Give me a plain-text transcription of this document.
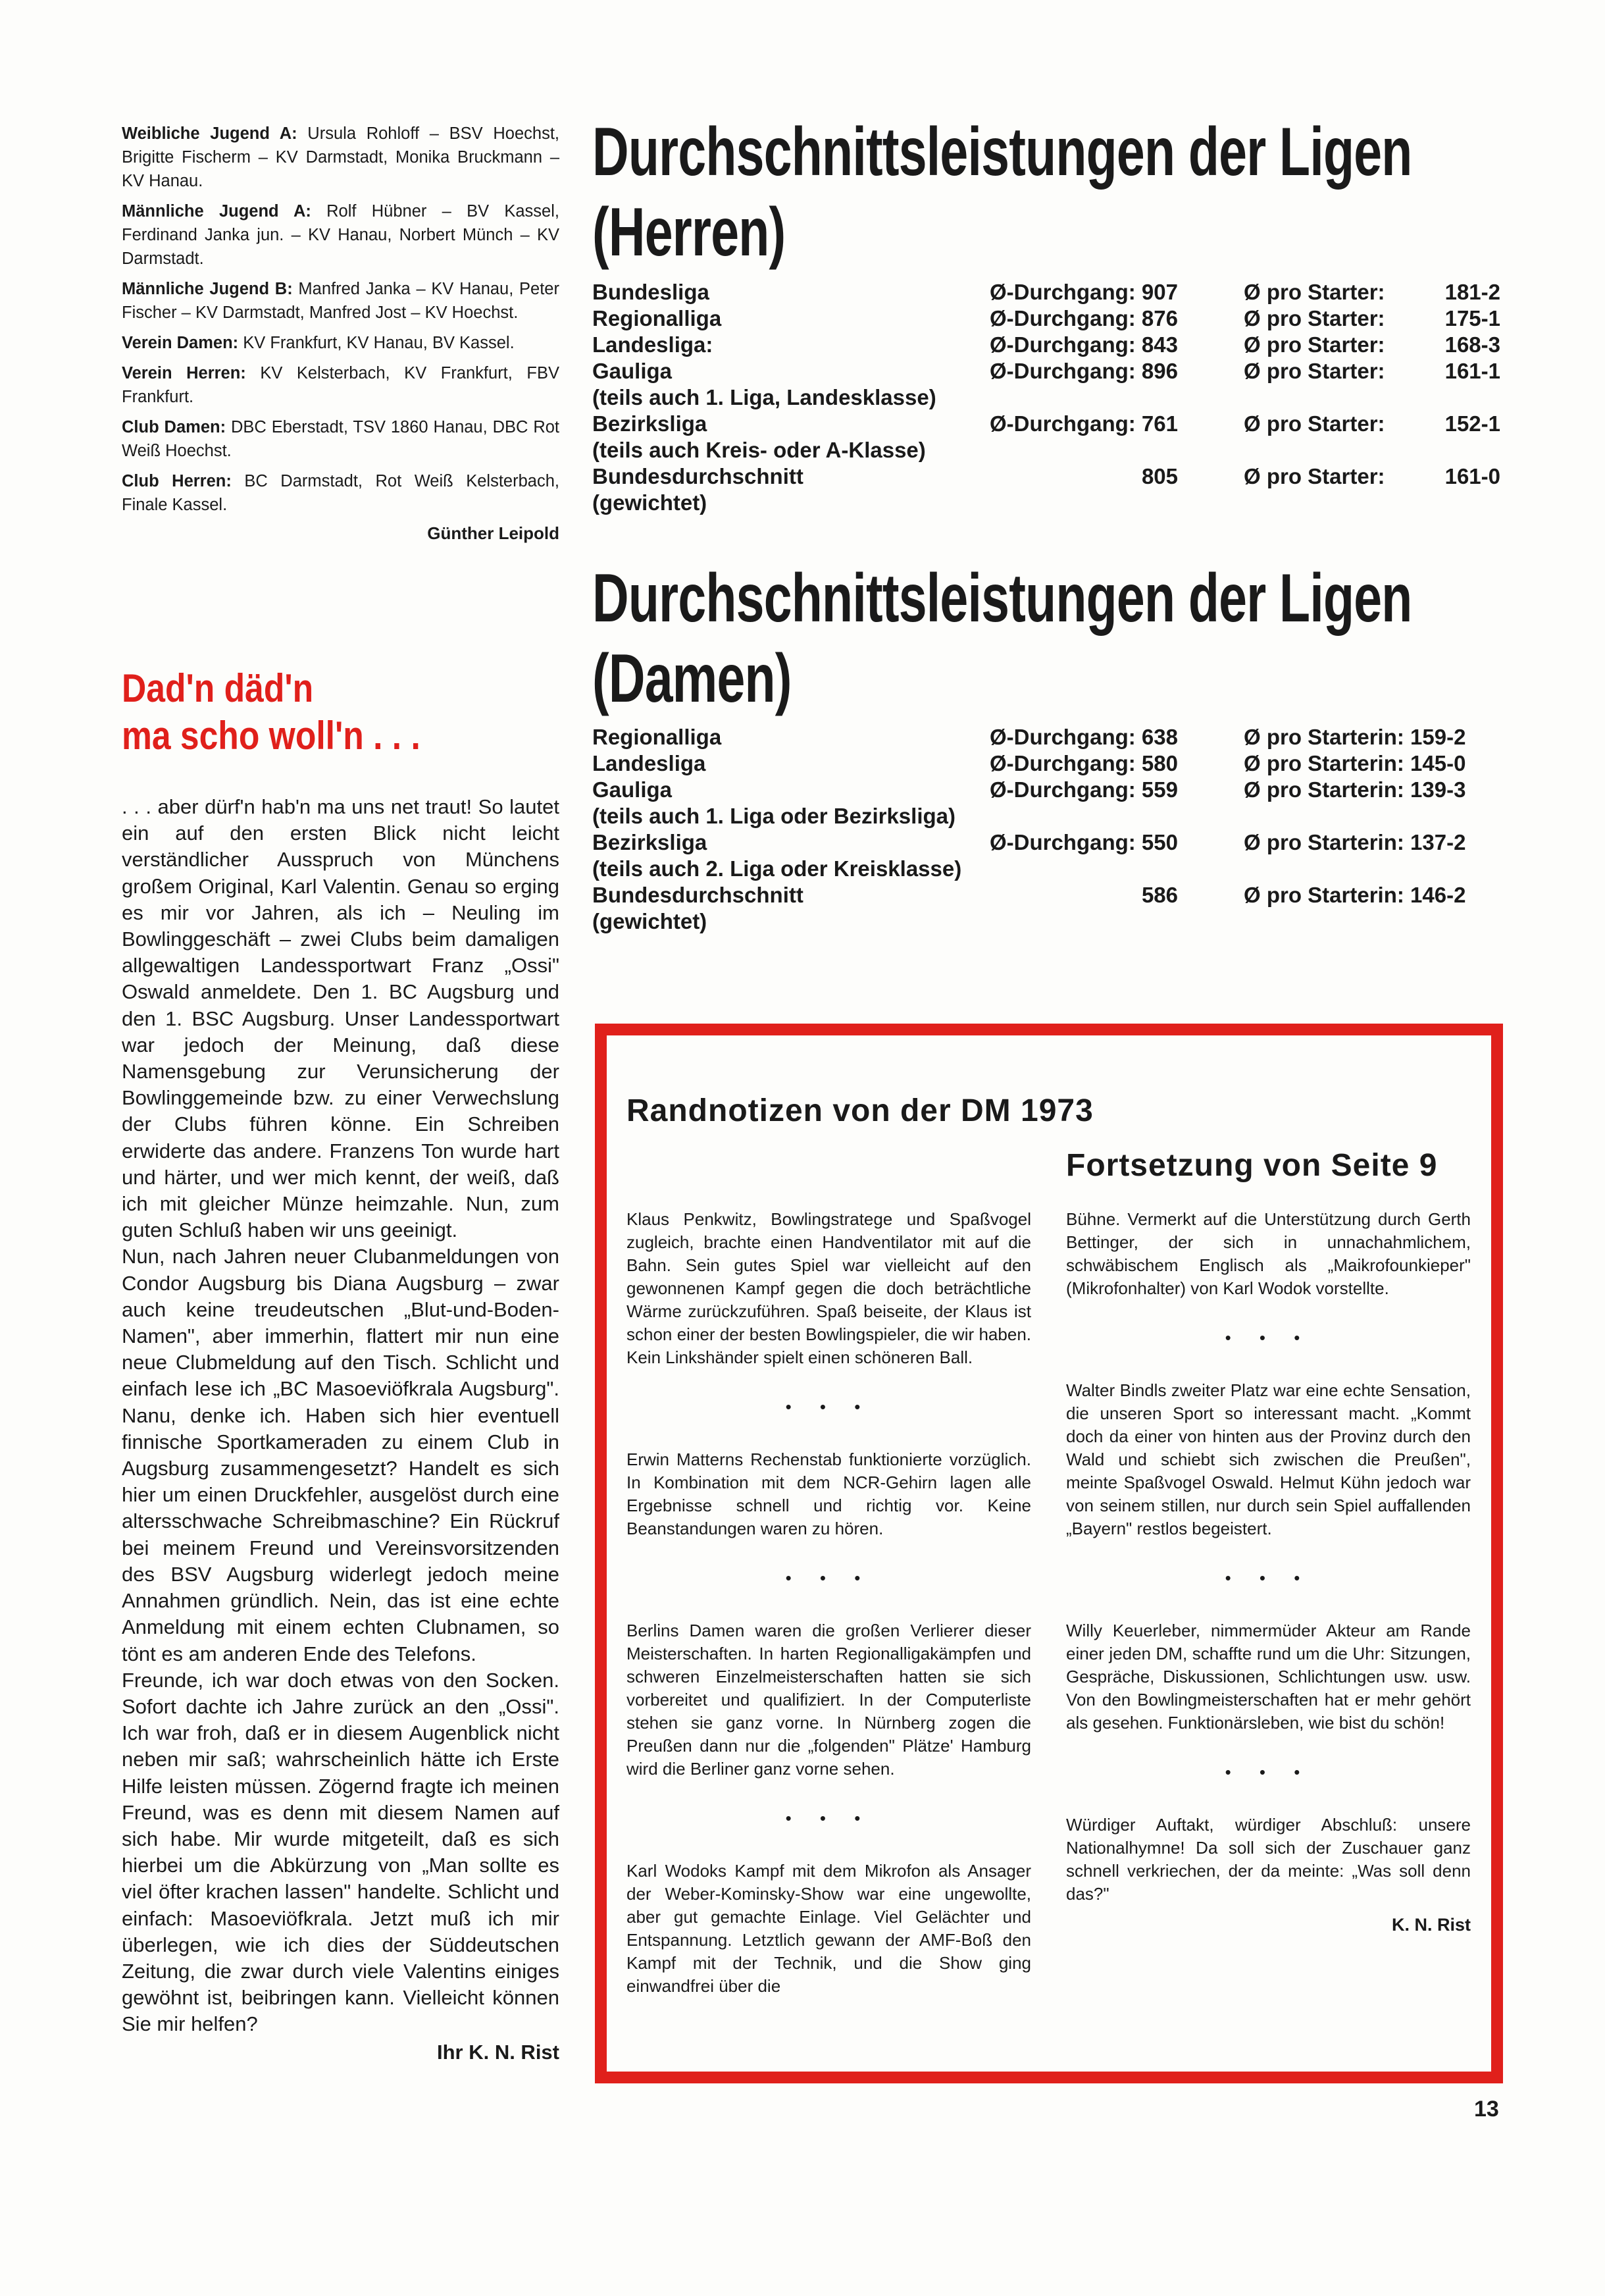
Weibliche Jugend A: Ursula Rohloff – BSV Hoechst, Brigitte Fischerm – KV Darmstadt, Monika Bruckmann – KV Hanau.

Männliche Jugend A: Rolf Hübner – BV Kassel, Ferdinand Janka jun. – KV Hanau, Norbert Münch – KV Darmstadt.

Männliche Jugend B: Manfred Janka – KV Hanau, Peter Fischer – KV Darmstadt, Manfred Jost – KV Hoechst.

Verein Damen: KV Frankfurt, KV Hanau, BV Kassel.

Verein Herren: KV Kelsterbach, KV Frankfurt, FBV Frankfurt.

Club Damen: DBC Eberstadt, TSV 1860 Hanau, DBC Rot Weiß Hoechst.

Club Herren: BC Darmstadt, Rot Weiß Kelsterbach, Finale Kassel.

Günther Leipold

Dad'n däd'n

ma scho woll'n . . .

. . . aber dürf'n hab'n ma uns net traut! So lautet ein auf den ersten Blick nicht leicht verständlicher Ausspruch von Münchens großem Original, Karl Valentin. Genau so erging es mir vor Jahren, als ich – Neuling im Bowlinggeschäft – zwei Clubs beim damaligen allgewaltigen Landessportwart Franz „Ossi" Oswald anmeldete. Den 1. BC Augsburg und den 1. BSC Augsburg. Unser Landessportwart war jedoch der Meinung, daß diese Namensgebung zur Verunsicherung der Bowlinggemeinde bzw. zu einer Verwechslung der Clubs führen könne. Ein Schreiben erwiderte das andere. Franzens Ton wurde hart und härter, und wer mich kennt, der weiß, daß ich mit gleicher Münze heimzahle. Nun, zum guten Schluß haben wir uns geeinigt.

Nun, nach Jahren neuer Clubanmeldungen von Condor Augsburg bis Diana Augsburg – zwar auch keine treudeutschen „Blut-und-Boden-Namen", aber immerhin, flattert mir nun eine neue Clubmeldung auf den Tisch. Schlicht und einfach lese ich „BC Masoeviöfkrala Augsburg". Nanu, denke ich. Haben sich hier eventuell finnische Sportkameraden zu einem Club in Augsburg zusammengesetzt? Handelt es sich hier um einen Druckfehler, ausgelöst durch eine altersschwache Schreibmaschine? Ein Rückruf bei meinem Freund und Vereinsvorsitzenden des BSV Augsburg widerlegt jedoch meine Annahmen gründlich. Nein, das ist eine echte Anmeldung mit einem echten Clubnamen, so tönt es am anderen Ende des Telefons.

Freunde, ich war doch etwas von den Socken. Sofort dachte ich Jahre zurück an den „Ossi". Ich war froh, daß er in diesem Augenblick nicht neben mir saß; wahrscheinlich hätte ich Erste Hilfe leisten müssen. Zögernd fragte ich meinen Freund, was es denn mit diesem Namen auf sich habe. Mir wurde mitgeteilt, daß es sich hierbei um die Abkürzung von „Man sollte es viel öfter krachen lassen" handelte. Schlicht und einfach: Masoeviöfkrala. Jetzt muß ich mir überlegen, wie ich dies der Süddeutschen Zeitung, die zwar durch viele Valentins einiges gewöhnt ist, beibringen kann. Vielleicht können Sie mir helfen?

Ihr K. N. Rist

Durchschnittsleistungen der Ligen

(Herren)

Bundesliga	Ø-Durchgang: 907	Ø pro Starter:	181-2
Regionalliga	Ø-Durchgang: 876	Ø pro Starter:	175-1
Landesliga:	Ø-Durchgang: 843	Ø pro Starter:	168-3
Gauliga
(teils auch 1. Liga, Landesklasse)	Ø-Durchgang: 896	Ø pro Starter:	161-1
Bezirksliga
(teils auch Kreis- oder A-Klasse)	Ø-Durchgang: 761	Ø pro Starter:	152-1
Bundesdurchschnitt
(gewichtet)	805	Ø pro Starter:	161-0

Durchschnittsleistungen der Ligen

(Damen)

Regionalliga	Ø-Durchgang: 638	Ø pro Starterin: 159-2
Landesliga	Ø-Durchgang: 580	Ø pro Starterin: 145-0
Gauliga
(teils auch 1. Liga oder Bezirksliga)	Ø-Durchgang: 559	Ø pro Starterin: 139-3
Bezirksliga
(teils auch 2. Liga oder Kreisklasse)	Ø-Durchgang: 550	Ø pro Starterin: 137-2
Bundesdurchschnitt
(gewichtet)	586	Ø pro Starterin: 146-2

Randnotizen von der DM 1973

Fortsetzung von Seite 9

Klaus Penkwitz, Bowlingstratege und Spaßvogel zugleich, brachte einen Handventilator mit auf die Bahn. Sein gutes Spiel war vielleicht auf den gewonnenen Kampf gegen die doch beträchtliche Wärme zurückzuführen. Spaß beiseite, der Klaus ist schon einer der besten Bowlingspieler, die wir haben. Kein Linkshänder spielt einen schöneren Ball.

• • •

Erwin Matterns Rechenstab funktionierte vorzüglich. In Kombination mit dem NCR-Gehirn lagen alle Ergebnisse schnell und richtig vor. Keine Beanstandungen waren zu hören.

• • •

Berlins Damen waren die großen Verlierer dieser Meisterschaften. In harten Regionalligakämpfen und schweren Einzelmeisterschaften hatten sie sich vorbereitet und qualifiziert. In der Computerliste stehen sie ganz vorne. In Nürnberg zogen die Preußen dann nur die „folgenden" Plätze' Hamburg wird die Berliner ganz vorne sehen.

• • •

Karl Wodoks Kampf mit dem Mikrofon als Ansager der Weber-Kominsky-Show war eine ungewollte, aber gut gemachte Einlage. Viel Gelächter und Entspannung. Letztlich gewann der AMF-Boß den Kampf mit der Technik, und die Show ging einwandfrei über die

Bühne. Vermerkt auf die Unterstützung durch Gerth Bettinger, der sich in unnachahmlichem, schwäbischem Englisch als „Maikrofounkieper" (Mikrofonhalter) von Karl Wodok vorstellte.

• • •

Walter Bindls zweiter Platz war eine echte Sensation, die unseren Sport so interessant macht. „Kommt doch da einer von hinten aus der Provinz durch den Wald und schiebt sich zwischen die Preußen", meinte Spaßvogel Oswald. Helmut Kühn jedoch war von seinem stillen, nur durch sein Spiel auffallenden „Bayern" restlos begeistert.

• • •

Willy Keuerleber, nimmermüder Akteur am Rande einer jeden DM, schaffte rund um die Uhr: Sitzungen, Gespräche, Diskussionen, Schlichtungen usw. usw. Von den Bowlingmeisterschaften hat er mehr gehört als gesehen. Funktionärsleben, wie bist du schön!

• • •

Würdiger Auftakt, würdiger Abschluß: unsere Nationalhymne! Da soll sich der Zuschauer ganz schnell verkriechen, der da meinte: „Was soll denn das?"

K. N. Rist
13
